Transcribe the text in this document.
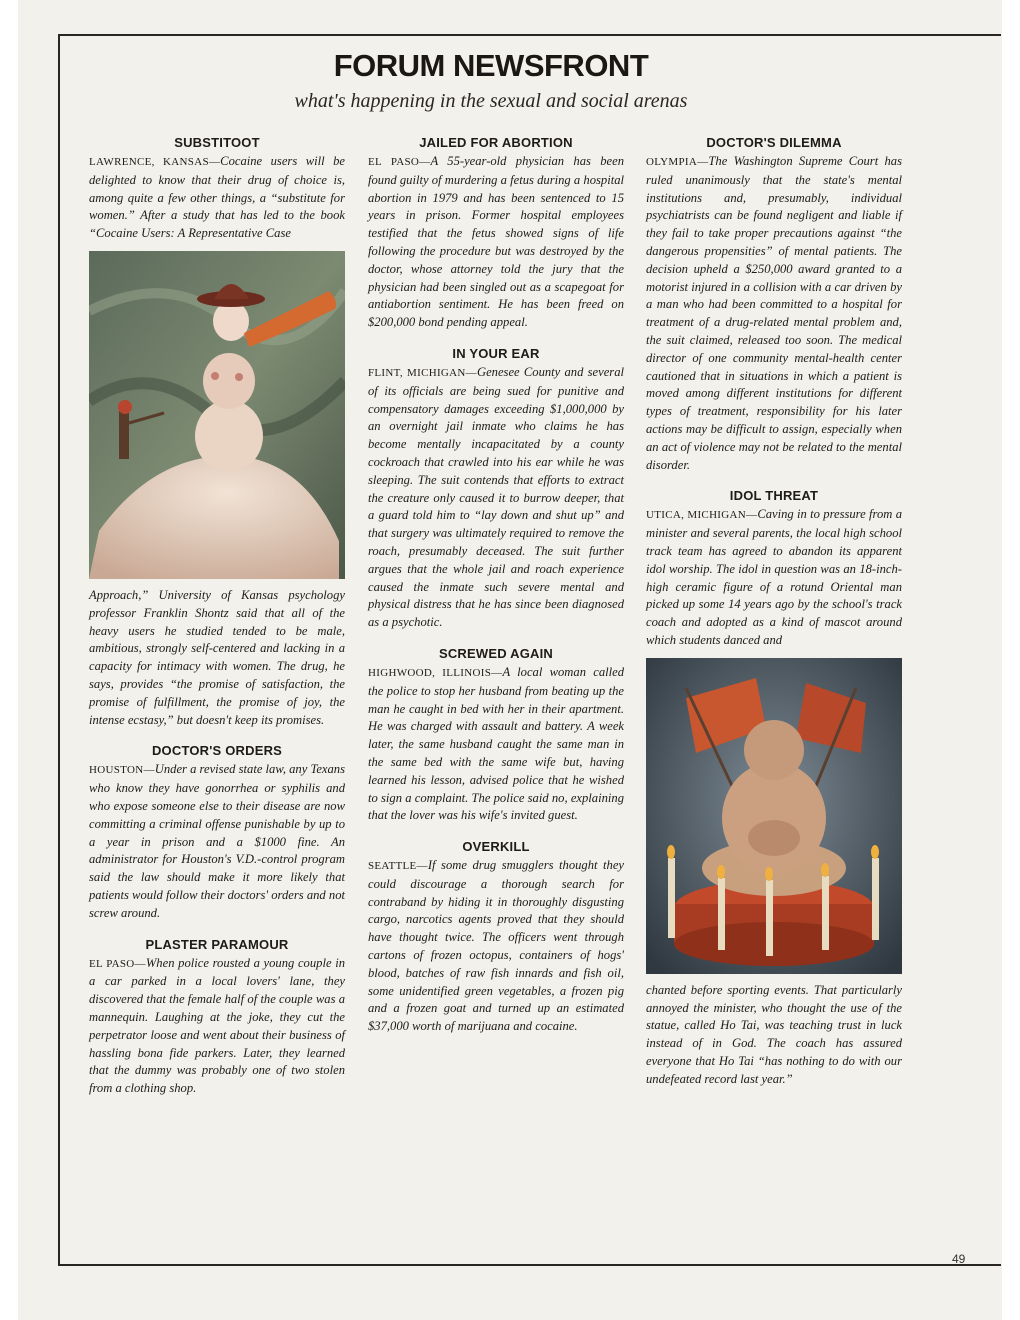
FORUM NEWSFRONT
what's happening in the sexual and social arenas
SUBSTITOOT

LAWRENCE, KANSAS—Cocaine users will be delighted to know that their drug of choice is, among quite a few other things, a “substitute for women.” After a study that has led to the book “Cocaine Users: A Representative Case

Approach,” University of Kansas psychology professor Franklin Shontz said that all of the heavy users he studied tended to be male, ambitious, strongly self-centered and lacking in a capacity for intimacy with women. The drug, he says, provides “the promise of satisfaction, the promise of fulfillment, the promise of joy, the intense ecstasy,” but doesn't keep its promises.

DOCTOR'S ORDERS

HOUSTON—Under a revised state law, any Texans who know they have gonorrhea or syphilis and who expose someone else to their disease are now committing a criminal offense punishable by up to a year in prison and a $1000 fine. An administrator for Houston's V.D.-control program said the law should make it more likely that patients would follow their doctors' orders and not screw around.

PLASTER PARAMOUR

EL PASO—When police rousted a young couple in a car parked in a local lovers' lane, they discovered that the female half of the couple was a mannequin. Laughing at the joke, they cut the perpetrator loose and went about their business of hassling bona fide parkers. Later, they learned that the dummy was probably one of two stolen from a clothing shop.

JAILED FOR ABORTION

EL PASO—A 55-year-old physician has been found guilty of murdering a fetus during a hospital abortion in 1979 and has been sentenced to 15 years in prison. Former hospital employees testified that the fetus showed signs of life following the procedure but was destroyed by the doctor, whose attorney told the jury that the physician had been singled out as a scapegoat for antiabortion sentiment. He has been freed on $200,000 bond pending appeal.

IN YOUR EAR

FLINT, MICHIGAN—Genesee County and several of its officials are being sued for punitive and compensatory damages exceeding $1,000,000 by an overnight jail inmate who claims he has become mentally incapacitated by a county cockroach that crawled into his ear while he was sleeping. The suit contends that efforts to extract the creature only caused it to burrow deeper, that a guard told him to “lay down and shut up” and that surgery was ultimately required to remove the roach, presumably deceased. The suit further argues that the whole jail and roach experience caused the inmate such severe mental and physical distress that he has since been diagnosed as a psychotic.

SCREWED AGAIN

HIGHWOOD, ILLINOIS—A local woman called the police to stop her husband from beating up the man he caught in bed with her in their apartment. He was charged with assault and battery. A week later, the same husband caught the same man in the same bed with the same wife but, having learned his lesson, advised police that he wished to sign a complaint. The police said no, explaining that the lover was his wife's invited guest.

OVERKILL

SEATTLE—If some drug smugglers thought they could discourage a thorough search for contraband by hiding it in thoroughly disgusting cargo, narcotics agents proved that they should have thought twice. The officers went through cartons of frozen octopus, containers of hogs' blood, batches of raw fish innards and fish oil, some unidentified green vegetables, a frozen pig and a frozen goat and turned up an estimated $37,000 worth of marijuana and cocaine.

DOCTOR'S DILEMMA

OLYMPIA—The Washington Supreme Court has ruled unanimously that the state's mental institutions and, presumably, individual psychiatrists can be found negligent and liable if they fail to take proper precautions against “the dangerous propensities” of mental patients. The decision upheld a $250,000 award granted to a motorist injured in a collision with a car driven by a man who had been committed to a hospital for treatment of a drug-related mental problem and, the suit claimed, released too soon. The medical director of one community mental-health center cautioned that in situations in which a patient is moved among different institutions for different types of treatment, responsibility for his later actions may be difficult to assign, especially when an act of violence may not be related to the mental disorder.

IDOL THREAT

UTICA, MICHIGAN—Caving in to pressure from a minister and several parents, the local high school track team has agreed to abandon its apparent idol worship. The idol in question was an 18-inch-high ceramic figure of a rotund Oriental man picked up some 14 years ago by the school's track coach and adopted as a kind of mascot around which students danced and

chanted before sporting events. That particularly annoyed the minister, who thought the use of the statue, called Ho Tai, was teaching trust in luck instead of in God. The coach has assured everyone that Ho Tai “has nothing to do with our undefeated record last year.”

49
